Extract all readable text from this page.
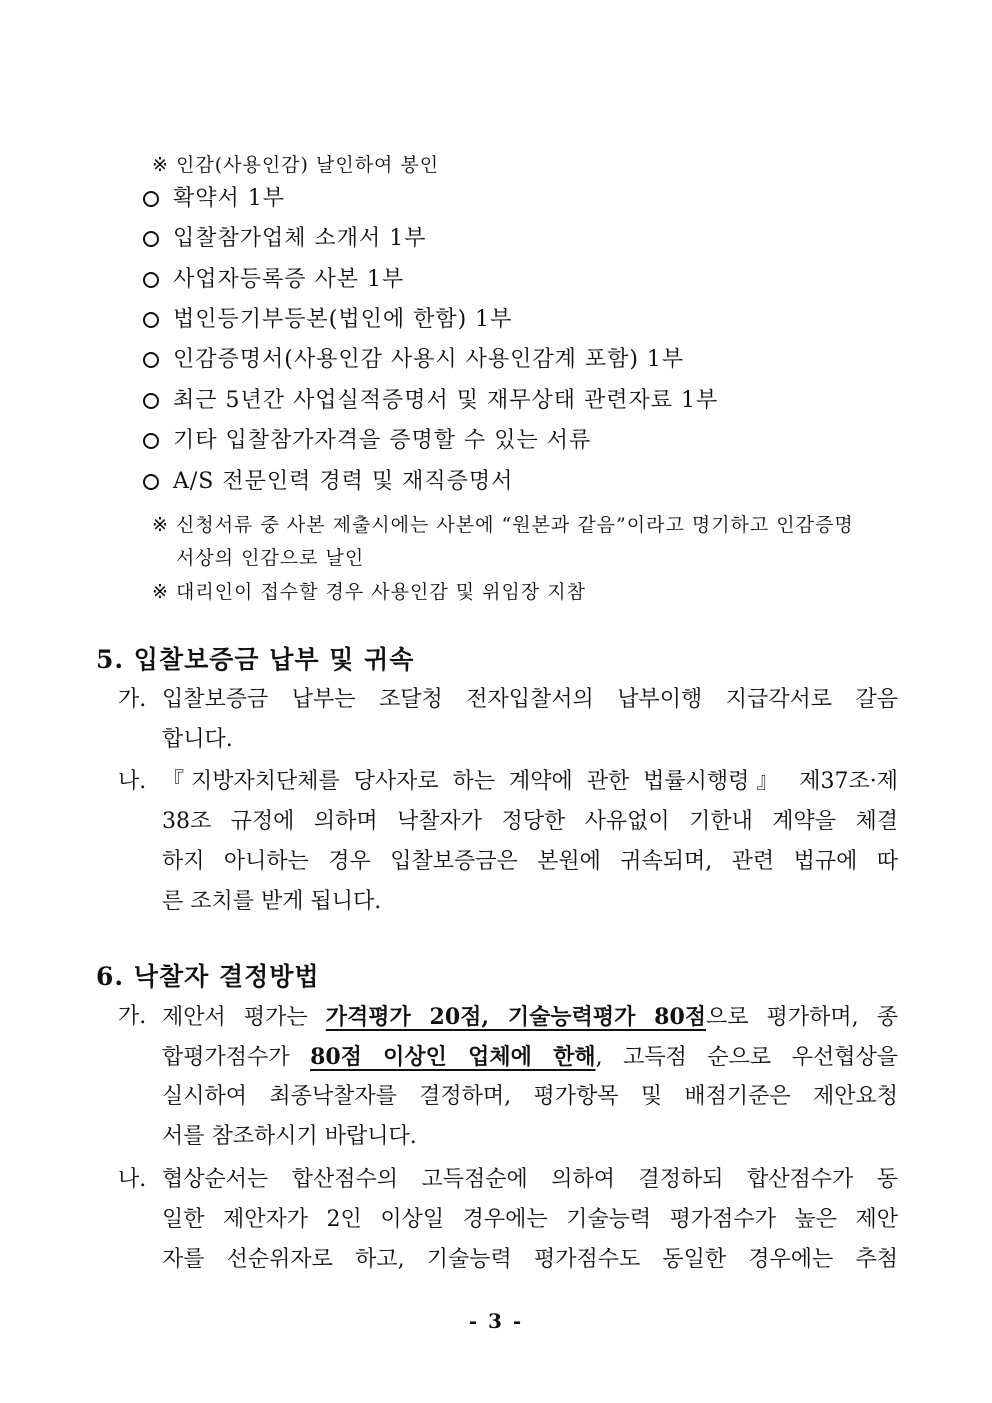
※ 인감(사용인감) 날인하여 봉인
확약서 1부
입찰참가업체 소개서 1부
사업자등록증 사본 1부
법인등기부등본(법인에 한함) 1부
인감증명서(사용인감 사용시 사용인감계 포함) 1부
최근 5년간 사업실적증명서 및 재무상태 관련자료 1부
기타 입찰참가자격을 증명할 수 있는 서류
A/S 전문인력 경력 및 재직증명서
※ 신청서류 중 사본 제출시에는 사본에 “원본과 같음”이라고 명기하고 인감증명
서상의 인감으로 날인
※ 대리인이 접수할 경우 사용인감 및 위임장 지참
5. 입찰보증금 납부 및 귀속
가. 입찰보증금 납부는 조달청 전자입찰서의 납부이행 지급각서로 갈음
합니다.
나. 『지방자치단체를 당사자로 하는 계약에 관한 법률시행령』 제37조·제
38조 규정에 의하며 낙찰자가 정당한 사유없이 기한내 계약을 체결
하지 아니하는 경우 입찰보증금은 본원에 귀속되며, 관련 법규에 따
른 조치를 받게 됩니다.
6. 낙찰자 결정방법
가. 제안서 평가는 가격평가 20점, 기술능력평가 80점으로 평가하며, 종
합평가점수가 80점 이상인 업체에 한해, 고득점 순으로 우선협상을
실시하여 최종낙찰자를 결정하며, 평가항목 및 배점기준은 제안요청
서를 참조하시기 바랍니다.
나. 협상순서는 합산점수의 고득점순에 의하여 결정하되 합산점수가 동
일한 제안자가 2인 이상일 경우에는 기술능력 평가점수가 높은 제안
자를 선순위자로 하고, 기술능력 평가점수도 동일한 경우에는 추첨
- 3 -
